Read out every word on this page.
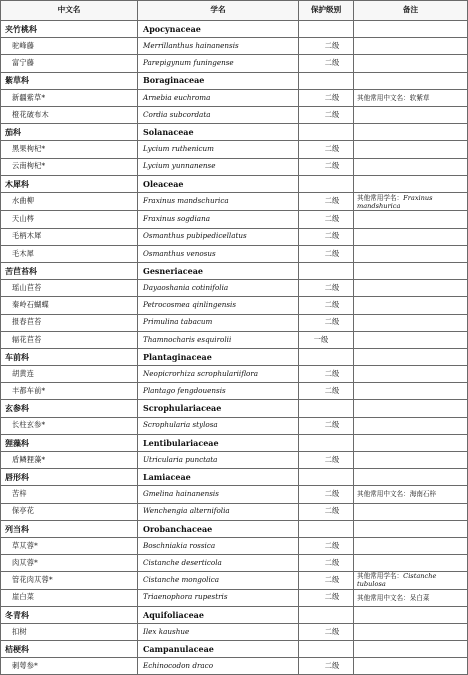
中文名	学名	保护级别	备注
夹竹桃科	Apocynaceae		
驼峰藤	Merrillanthus hainanensis	二级	
富宁藤	Parepigynum funingense	二级	
紫草科	Boraginaceae		
新疆紫草*	Arnebia euchroma	二级	其他常用中文名：软紫草
橙花破布木	Cordia subcordata	二级	
茄科	Solanaceae		
黑果枸杞*	Lycium ruthenicum	二级	
云南枸杞*	Lycium yunnanense	二级	
木犀科	Oleaceae		
水曲柳	Fraxinus mandschurica	二级	其他常用学名：Fraxinus mandshurica
天山梣	Fraxinus sogdiana	二级	
毛柄木犀	Osmanthus pubipedicellatus	二级	
毛木犀	Osmanthus venosus	二级	
苦苣苔科	Gesneriaceae		
瑶山苣苔	Dayaoshania cotinifolia	二级	
秦岭石蝴蝶	Petrocosmea qinlingensis	二级	
报春苣苔	Primulina tabacum	二级	
辐花苣苔	Thamnocharis esquirolii	一级	
车前科	Plantaginaceae		
胡黄连	Neopicrorhiza scrophulariiflora	二级	
丰都车前*	Plantago fengdouensis	二级	
玄参科	Scrophulariaceae		
长柱玄参*	Scrophularia stylosa	二级	
狸藻科	Lentibulariaceae		
盾鳞狸藻*	Utricularia punctata	二级	
唇形科	Lamiaceae		
苦梓	Gmelina hainanensis	二级	其他常用中文名：海南石梓
保亭花	Wenchengia alternifolia	二级	
列当科	Orobanchaceae		
草苁蓉*	Boschniakia rossica	二级	
肉苁蓉*	Cistanche deserticola	二级	
管花肉苁蓉*	Cistanche mongolica	二级	其他常用学名：Cistanche tubulosa
崖白菜	Triaenophora rupestris	二级	其他常用中文名：呆白菜
冬青科	Aquifoliaceae		
扣树	Ilex kaushue	二级	
桔梗科	Campanulaceae		
刺萼参*	Echinocodon draco	二级	
